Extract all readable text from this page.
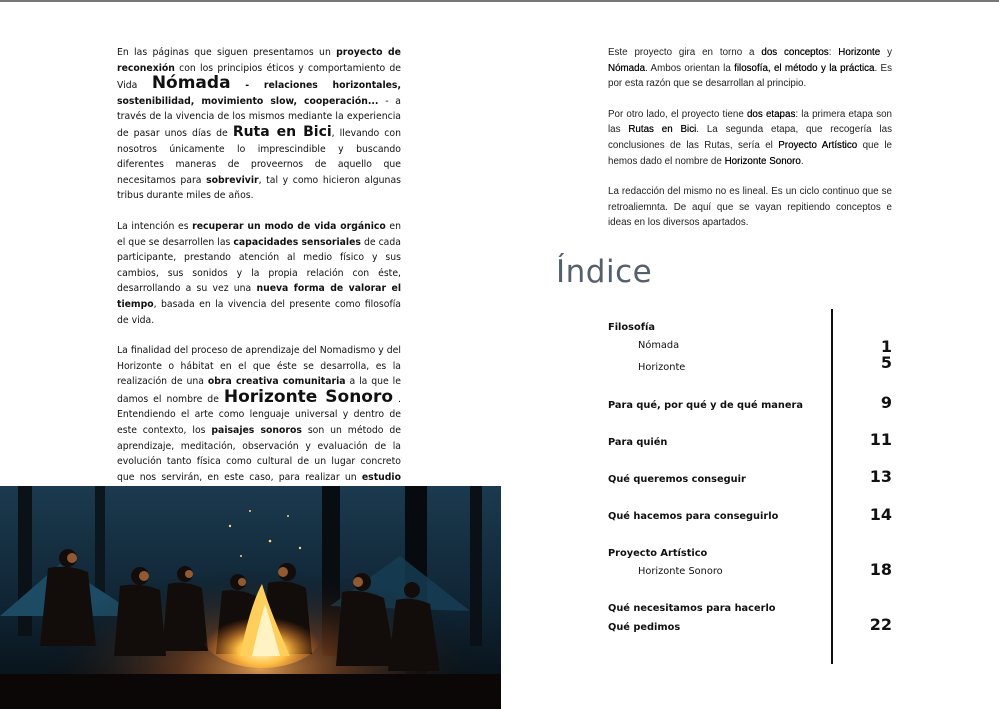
En las páginas que siguen presentamos un proyecto de reconexión con los principios éticos y comportamiento de Vida Nómada - relaciones horizontales, sostenibilidad, movimiento slow, cooperación... - a través de la vivencia de los mismos mediante la experiencia de pasar unos días de Ruta en Bici, llevando con nosotros únicamente lo imprescindible y buscando diferentes maneras de proveernos de aquello que necesitamos para sobrevivir, tal y como hicieron algunas tribus durante miles de años.

La intención es recuperar un modo de vida orgánico en el que se desarrollen las capacidades sensoriales de cada participante, prestando atención al medio físico y sus cambios, sus sonidos y la propia relación con éste, desarrollando a su vez una nueva forma de valorar el tiempo, basada en la vivencia del presente como filosofía de vida.

La finalidad del proceso de aprendizaje del Nomadismo y del Horizonte o hábitat en el que éste se desarrolla, es la realización de una obra creativa comunitaria a la que le damos el nombre de Horizonte Sonoro . Entendiendo el arte como lenguaje universal y dentro de este contexto, los paisajes sonoros son un método de aprendizaje, meditación, observación y evaluación de la evolución tanto física como cultural de un lugar concreto que nos servirán, en este caso, para realizar un estudio

Este proyecto gira en torno a dos conceptos: Horizonte y Nómada. Ambos orientan la filosofía, el método y la práctica. Es por esta razón que se desarrollan al principio.

Por otro lado, el proyecto tiene dos etapas: la primera etapa son las Rutas en Bici. La segunda etapa, que recogería las conclusiones de las Rutas, sería el Proyecto Artístico que le hemos dado el nombre de Horizonte Sonoro.

La redacción del mismo no es lineal. Es un ciclo continuo que se retroaliemnta. De aquí que se vayan repitiendo conceptos e ideas en los diversos apartados.

Índice
Filosofía
Nómada	1
Horizonte	5
Para qué, por qué y de qué manera	9
Para quién	11
Qué queremos conseguir	13
Qué hacemos para conseguirlo	14
Proyecto Artístico
Horizonte Sonoro	18
Qué necesitamos para hacerlo
Qué pedimos	22
